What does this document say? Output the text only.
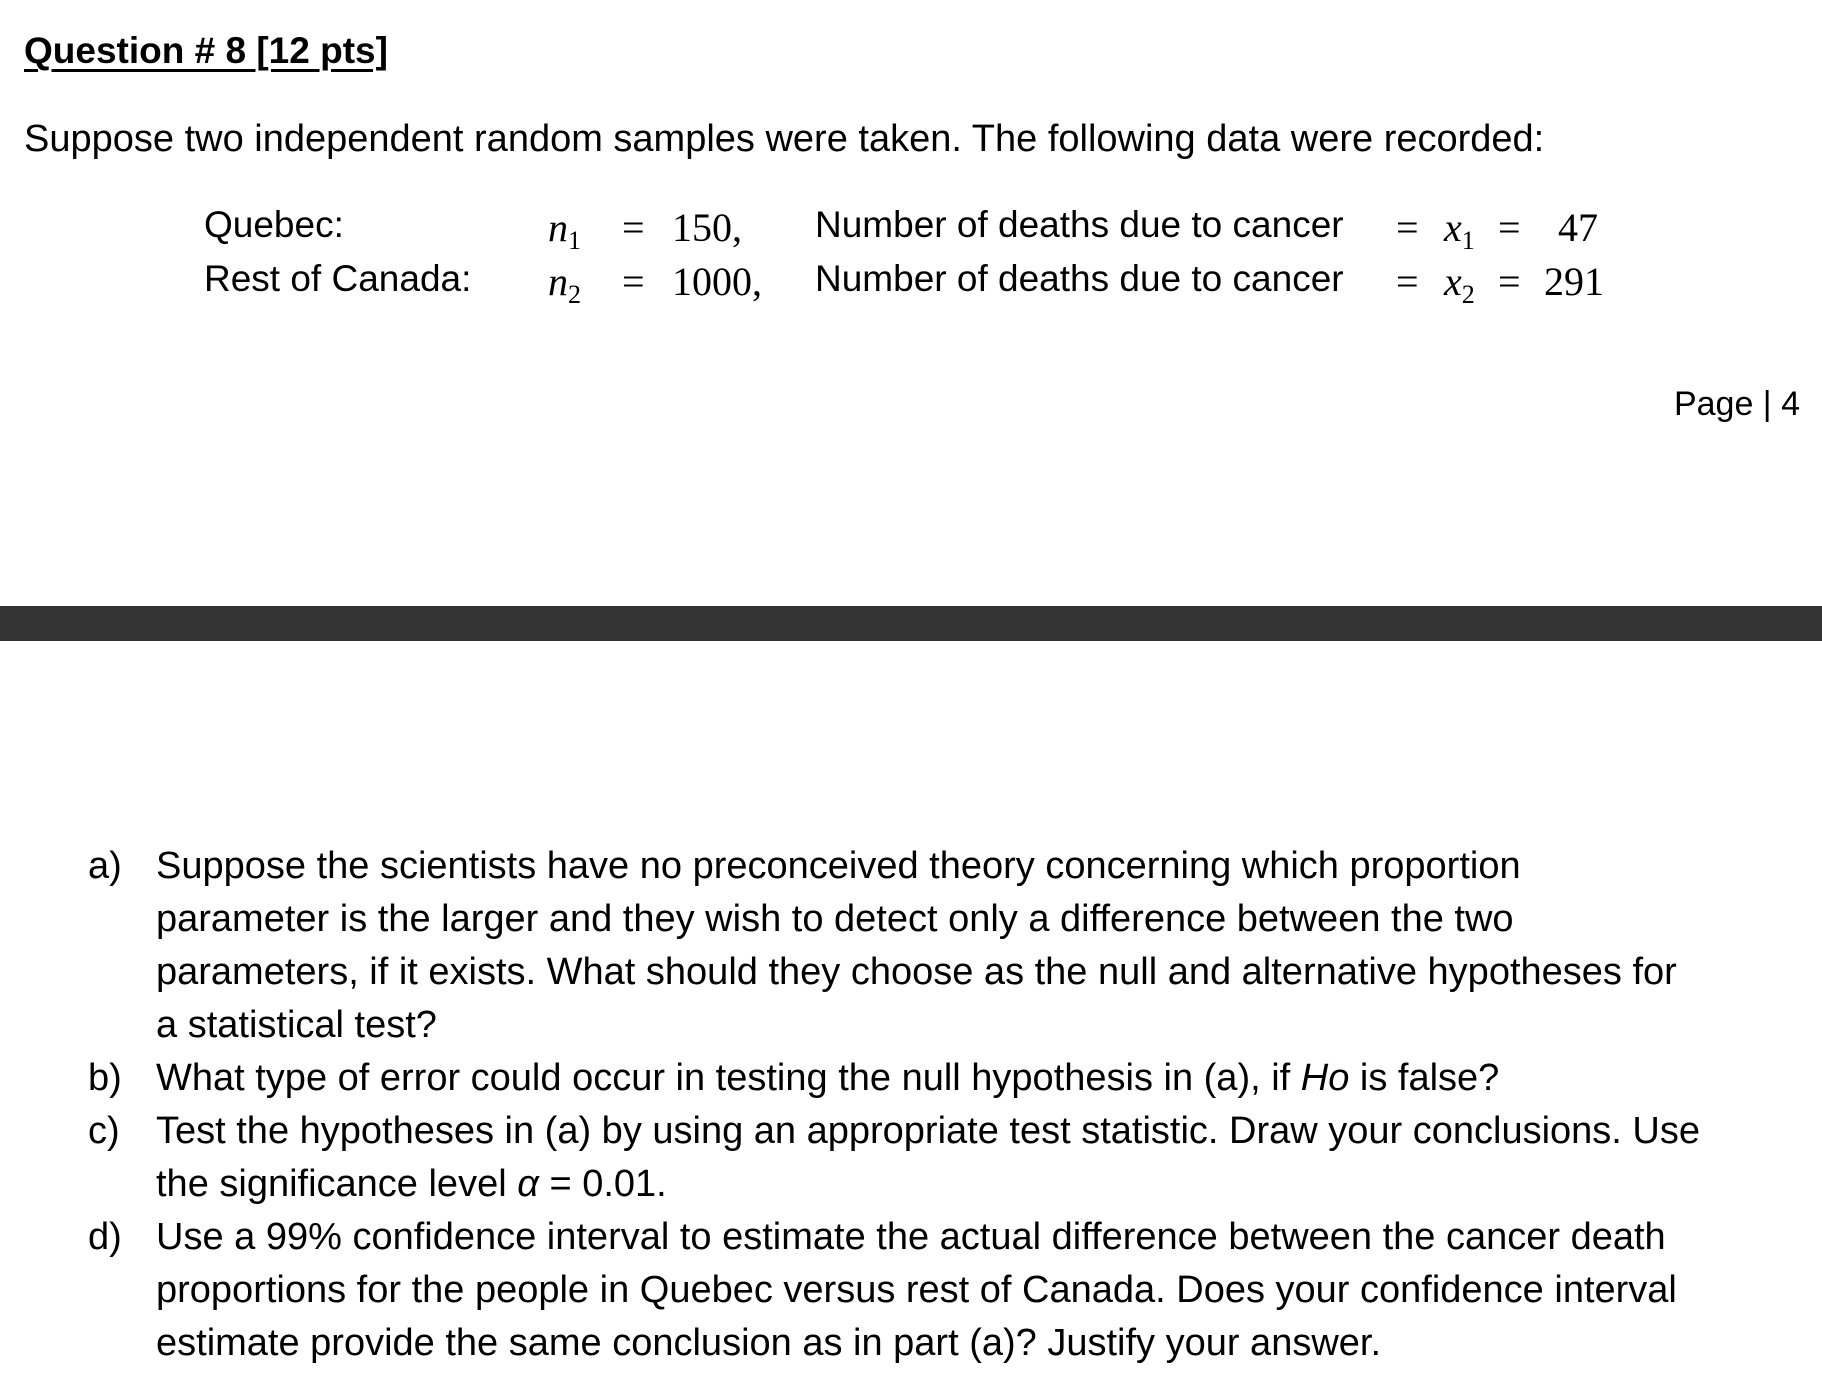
Question # 8 [12 pts]
Suppose two independent random samples were taken. The following data were recorded:
Quebec:	$n_1 = 150$, Number of deaths due to cancer = $x_1 = 47$
Rest of Canada: $n_2 = 1000$, Number of deaths due to cancer = $x_2 = 291$
Page | 4
a) Suppose the scientists have no preconceived theory concerning which proportion
parameter is the larger and they wish to detect only a difference between the two
parameters, if it exists. What should they choose as the null and alternative hypotheses for
a statistical test?
b) What type of error could occur in testing the null hypothesis in (a), if Ho is false?
c) Test the hypotheses in (a) by using an appropriate test statistic. Draw your conclusions. Use
the significance level α = 0.01.
d) Use a 99% confidence interval to estimate the actual difference between the cancer death
proportions for the people in Quebec versus rest of Canada. Does your confidence interval
estimate provide the same conclusion as in part (a)? Justify your answer.
